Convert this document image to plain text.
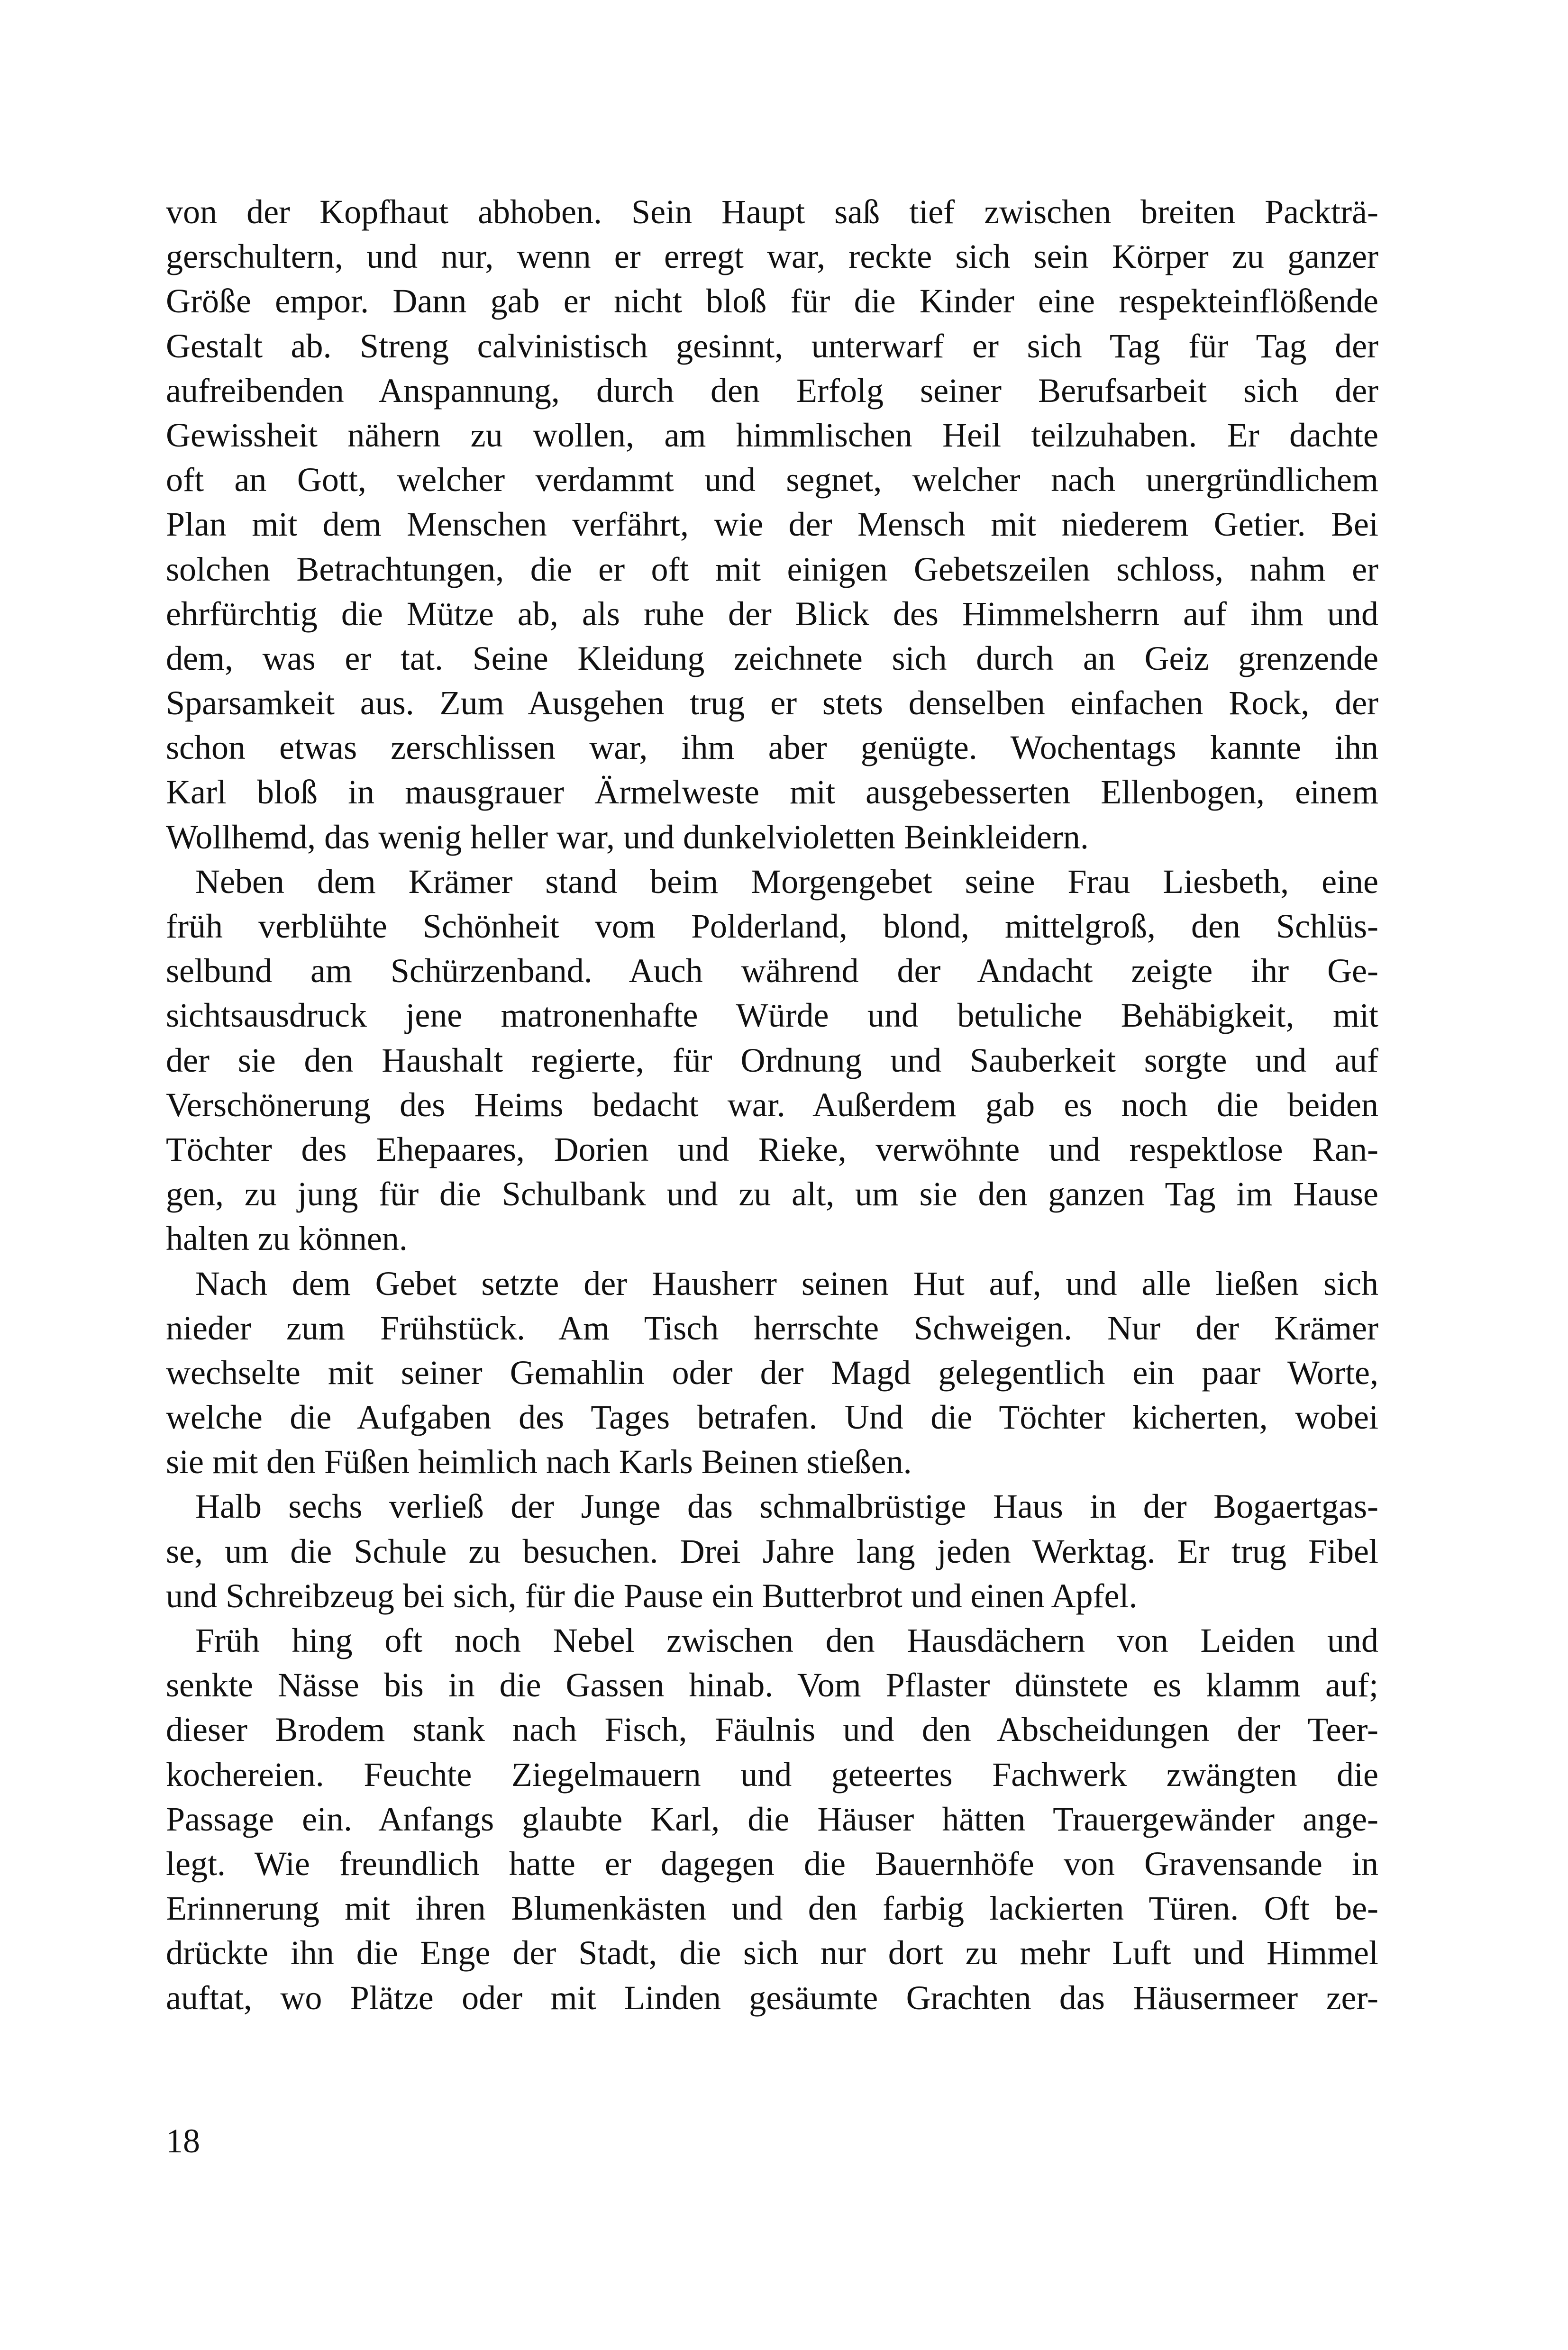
von der Kopfhaut abhoben. Sein Haupt saß tief zwischen breiten Packträ-
gerschultern, und nur, wenn er erregt war, reckte sich sein Körper zu ganzer
Größe empor. Dann gab er nicht bloß für die Kinder eine respekteinflößende
Gestalt ab. Streng calvinistisch gesinnt, unterwarf er sich Tag für Tag der
aufreibenden Anspannung, durch den Erfolg seiner Berufsarbeit sich der
Gewissheit nähern zu wollen, am himmlischen Heil teilzuhaben. Er dachte
oft an Gott, welcher verdammt und segnet, welcher nach unergründlichem
Plan mit dem Menschen verfährt, wie der Mensch mit niederem Getier. Bei
solchen Betrachtungen, die er oft mit einigen Gebetszeilen schloss, nahm er
ehrfürchtig die Mütze ab, als ruhe der Blick des Himmelsherrn auf ihm und
dem, was er tat. Seine Kleidung zeichnete sich durch an Geiz grenzende
Sparsamkeit aus. Zum Ausgehen trug er stets denselben einfachen Rock, der
schon etwas zerschlissen war, ihm aber genügte. Wochentags kannte ihn
Karl bloß in mausgrauer Ärmelweste mit ausgebesserten Ellenbogen, einem
Wollhemd, das wenig heller war, und dunkelvioletten Beinkleidern.
Neben dem Krämer stand beim Morgengebet seine Frau Liesbeth, eine
früh verblühte Schönheit vom Polderland, blond, mittelgroß, den Schlüs-
selbund am Schürzenband. Auch während der Andacht zeigte ihr Ge-
sichtsausdruck jene matronenhafte Würde und betuliche Behäbigkeit, mit
der sie den Haushalt regierte, für Ordnung und Sauberkeit sorgte und auf
Verschönerung des Heims bedacht war. Außerdem gab es noch die beiden
Töchter des Ehepaares, Dorien und Rieke, verwöhnte und respektlose Ran-
gen, zu jung für die Schulbank und zu alt, um sie den ganzen Tag im Hause
halten zu können.
Nach dem Gebet setzte der Hausherr seinen Hut auf, und alle ließen sich
nieder zum Frühstück. Am Tisch herrschte Schweigen. Nur der Krämer
wechselte mit seiner Gemahlin oder der Magd gelegentlich ein paar Worte,
welche die Aufgaben des Tages betrafen. Und die Töchter kicherten, wobei
sie mit den Füßen heimlich nach Karls Beinen stießen.
Halb sechs verließ der Junge das schmalbrüstige Haus in der Bogaertgas-
se, um die Schule zu besuchen. Drei Jahre lang jeden Werktag. Er trug Fibel
und Schreibzeug bei sich, für die Pause ein Butterbrot und einen Apfel.
Früh hing oft noch Nebel zwischen den Hausdächern von Leiden und
senkte Nässe bis in die Gassen hinab. Vom Pflaster dünstete es klamm auf;
dieser Brodem stank nach Fisch, Fäulnis und den Abscheidungen der Teer-
kochereien. Feuchte Ziegelmauern und geteertes Fachwerk zwängten die
Passage ein. Anfangs glaubte Karl, die Häuser hätten Trauergewänder ange-
legt. Wie freundlich hatte er dagegen die Bauernhöfe von Gravensande in
Erinnerung mit ihren Blumenkästen und den farbig lackierten Türen. Oft be-
drückte ihn die Enge der Stadt, die sich nur dort zu mehr Luft und Himmel
auftat, wo Plätze oder mit Linden gesäumte Grachten das Häusermeer zer-
18
